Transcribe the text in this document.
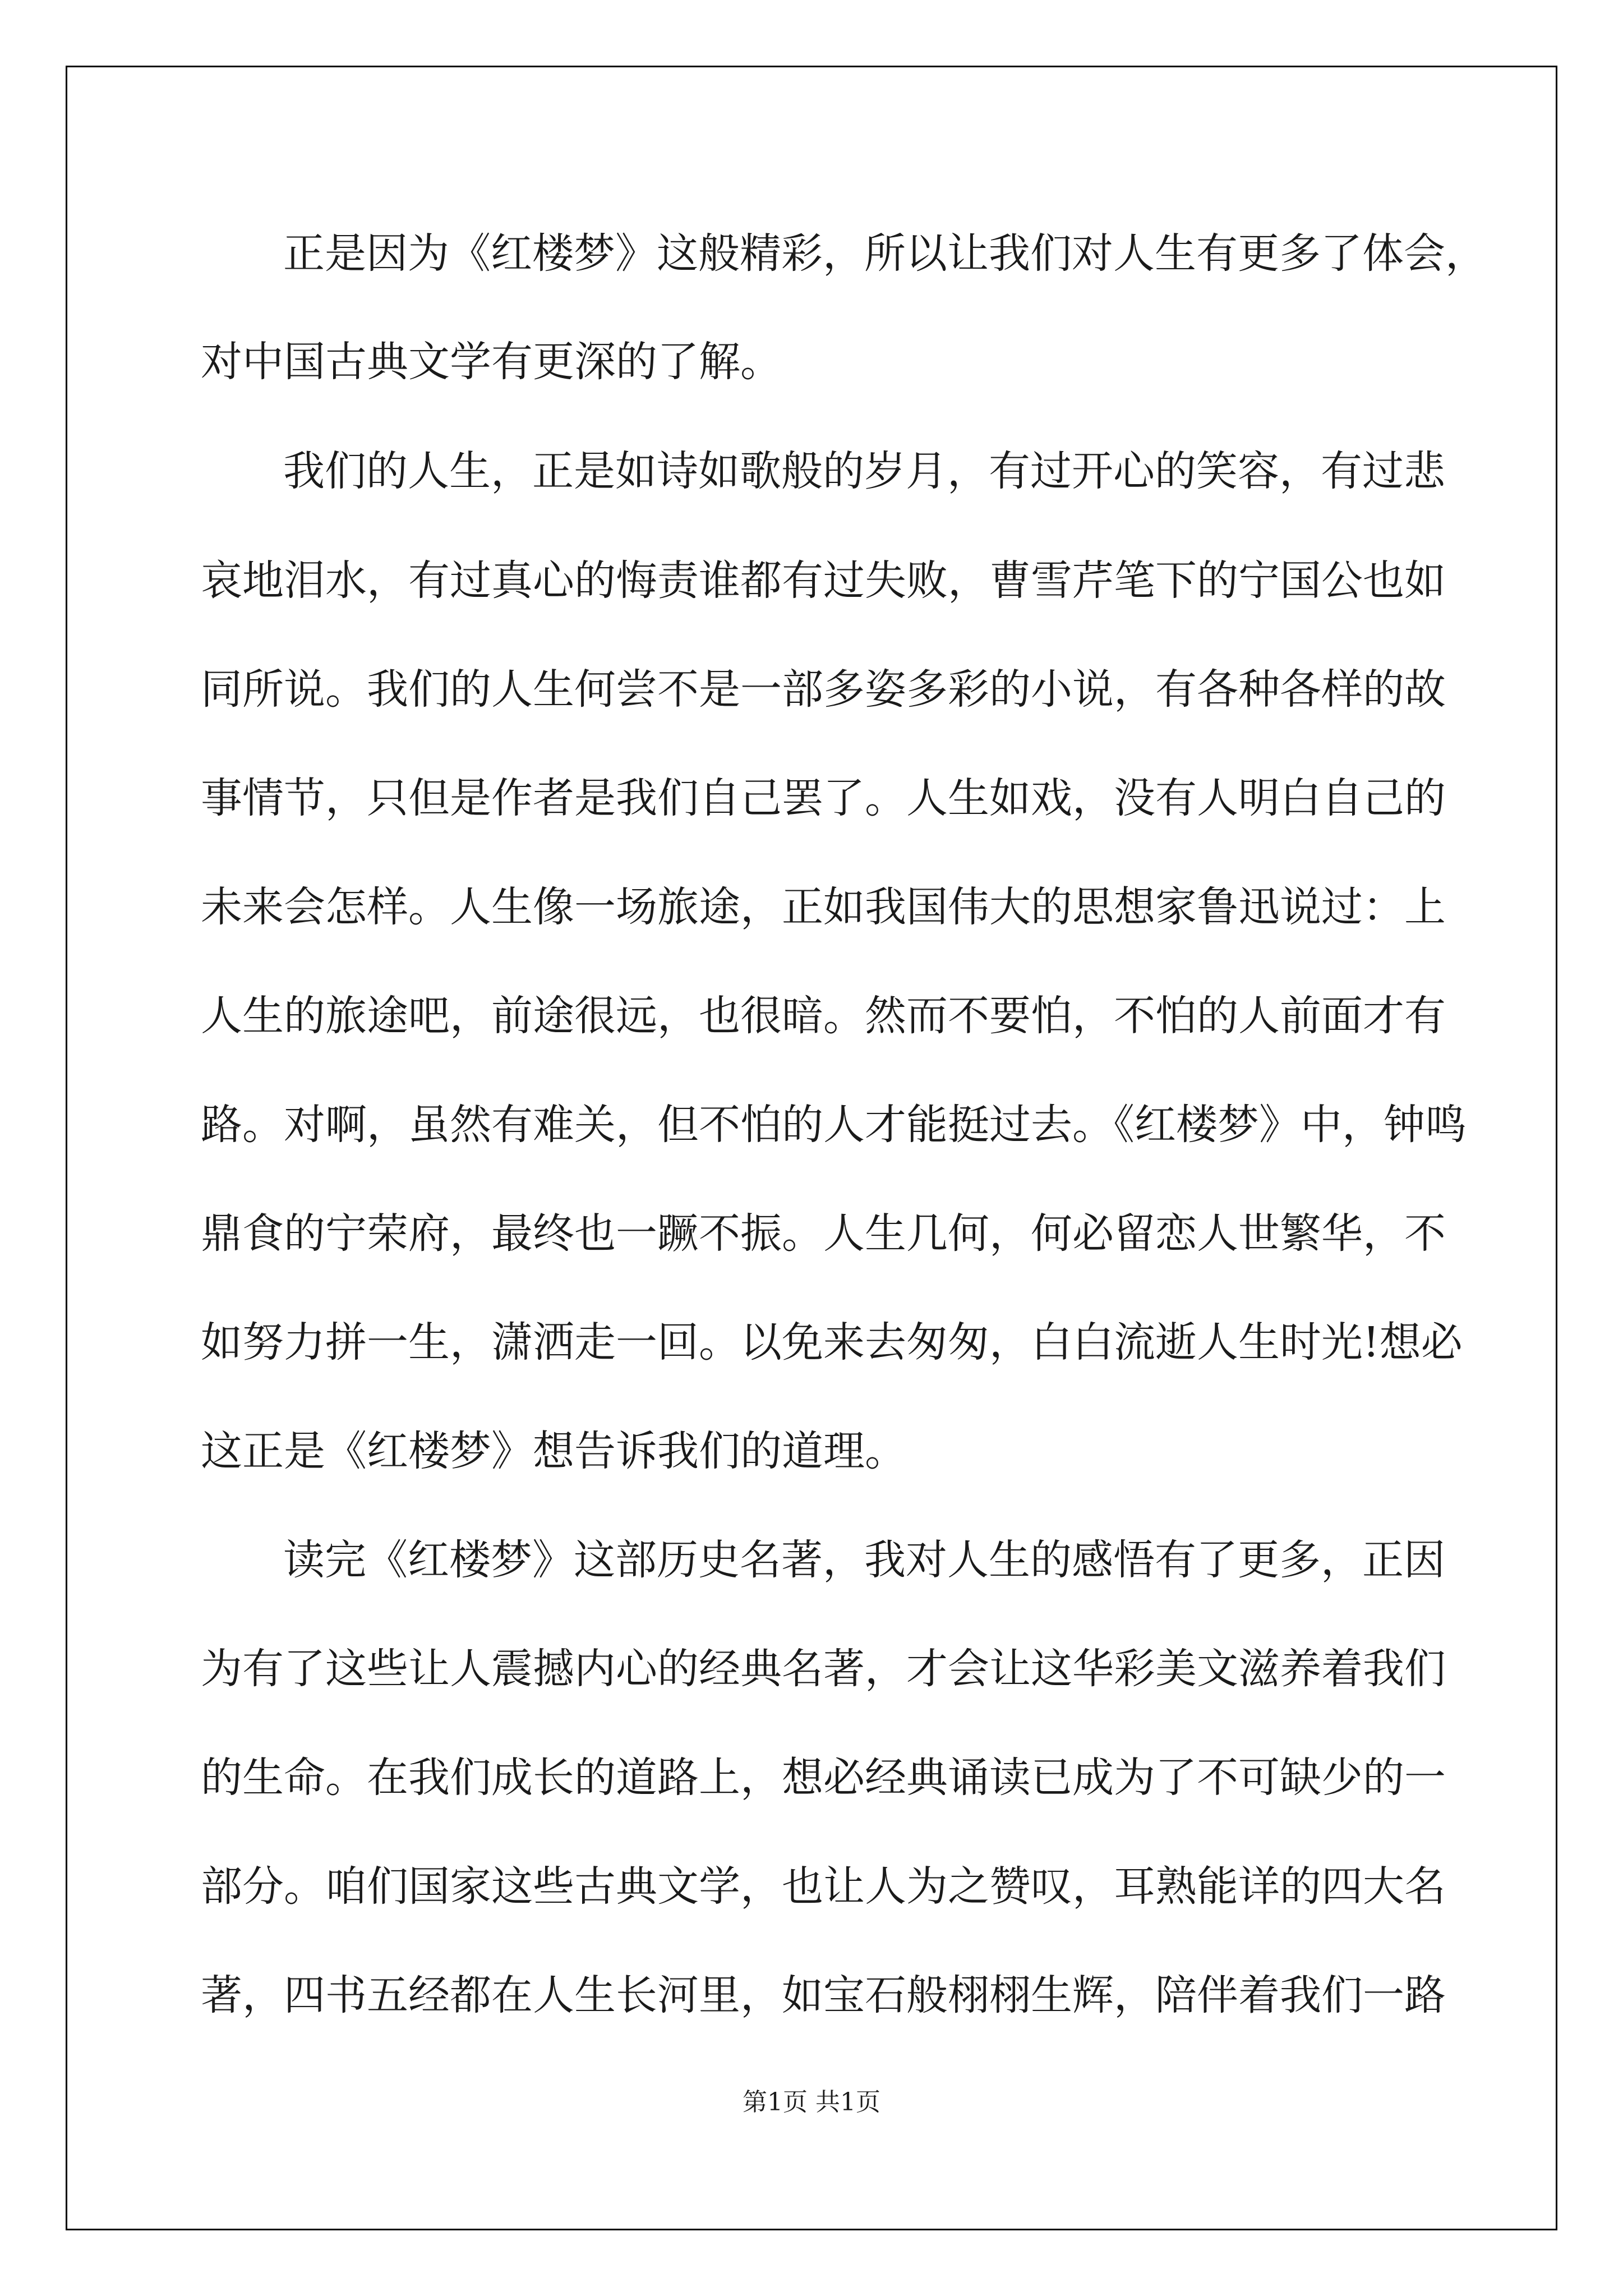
正是因为《红楼梦》这般精彩，所以让我们对人生有更多了体会，
对中国古典文学有更深的了解。
我们的人生，正是如诗如歌般的岁月，有过开心的笑容，有过悲
哀地泪水，有过真心的悔责谁都有过失败，曹雪芹笔下的宁国公也如
同所说。我们的人生何尝不是一部多姿多彩的小说，有各种各样的故
事情节，只但是作者是我们自己罢了。人生如戏，没有人明白自己的
未来会怎样。人生像一场旅途，正如我国伟大的思想家鲁迅说过：上
人生的旅途吧，前途很远，也很暗。然而不要怕，不怕的人前面才有
路。对啊，虽然有难关，但不怕的人才能挺过去。《红楼梦》中，钟鸣
鼎食的宁荣府，最终也一蹶不振。人生几何，何必留恋人世繁华，不
如努力拼一生，潇洒走一回。以免来去匆匆，白白流逝人生时光!想必
这正是《红楼梦》想告诉我们的道理。
读完《红楼梦》这部历史名著，我对人生的感悟有了更多，正因
为有了这些让人震撼内心的经典名著，才会让这华彩美文滋养着我们
的生命。在我们成长的道路上，想必经典诵读已成为了不可缺少的一
部分。咱们国家这些古典文学，也让人为之赞叹，耳熟能详的四大名
著，四书五经都在人生长河里，如宝石般栩栩生辉，陪伴着我们一路
第1页 共1页
